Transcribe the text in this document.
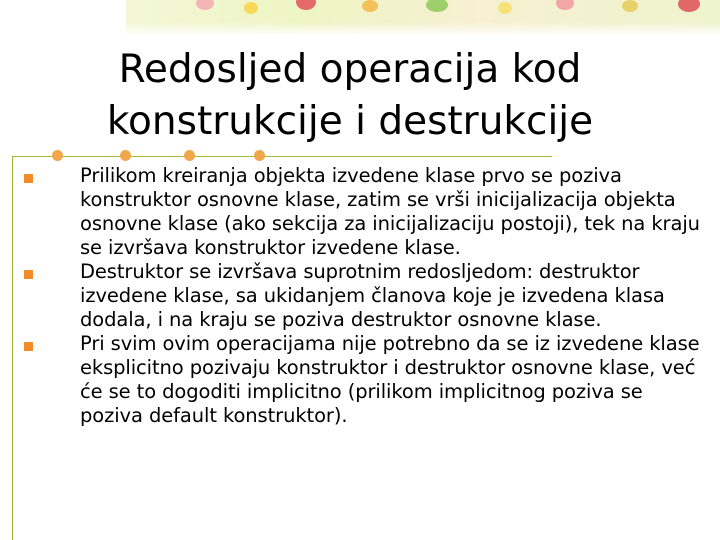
Redosljed operacija kod
konstrukcije i destrukcije
Prilikom kreiranja objekta izvedene klase prvo se poziva konstruktor osnovne klase, zatim se vrši inicijalizacija objekta osnovne klase (ako sekcija za inicijalizaciju postoji), tek na kraju se izvršava konstruktor izvedene klase.
Destruktor se izvršava suprotnim redosljedom: destruktor izvedene klase, sa ukidanjem članova koje je izvedena klasa dodala, i na kraju se poziva destruktor osnovne klase.
Pri svim ovim operacijama nije potrebno da se iz izvedene klase eksplicitno pozivaju konstruktor i destruktor osnovne klase, već će se to dogoditi implicitno (prilikom implicitnog poziva se poziva default konstruktor).
